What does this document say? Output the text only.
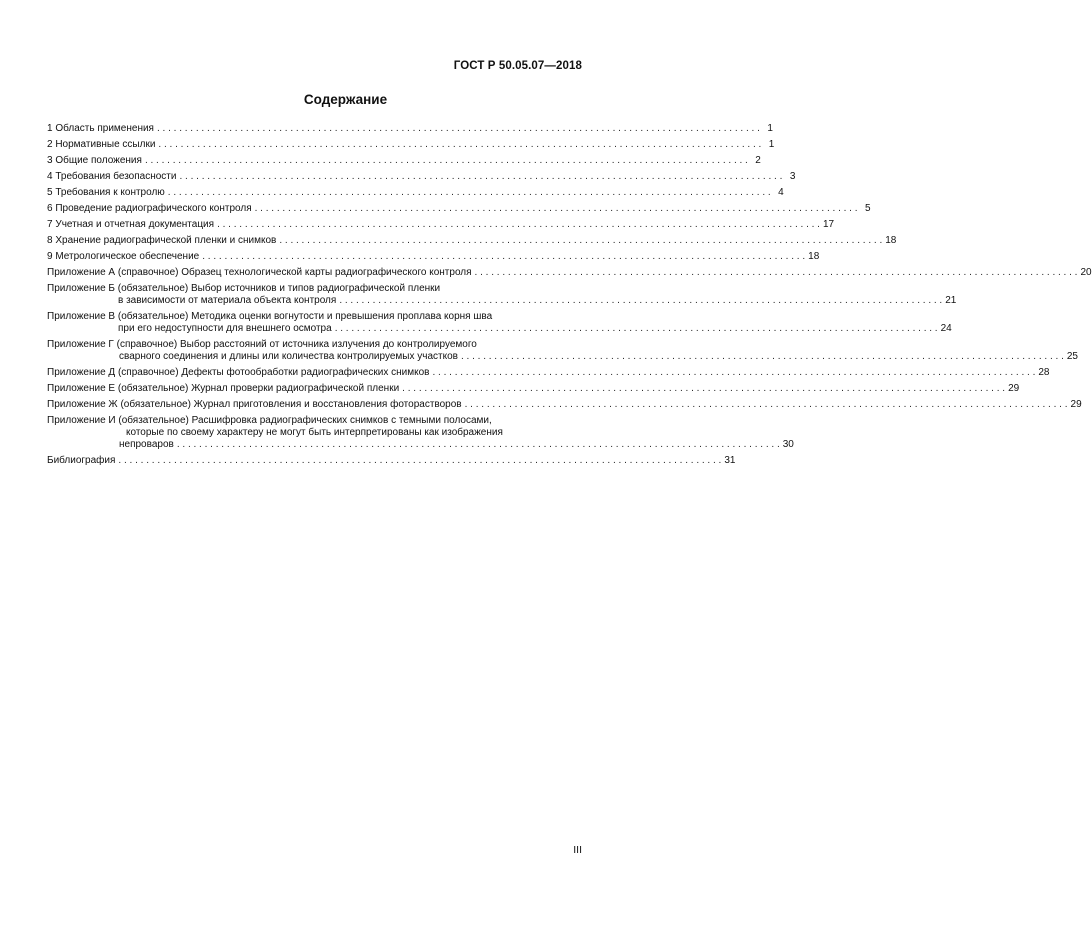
ГОСТ Р 50.05.07—2018
Содержание
1 Область применения . . .	1
2 Нормативные ссылки . . .	1
3 Общие положения . . .	2
4 Требования безопасности . . .	3
5 Требования к контролю . . .	4
6 Проведение радиографического контроля . . .	5
7 Учетная и отчетная документация . . .	17
8 Хранение радиографической пленки и снимков . . .	18
9 Метрологическое обеспечение . . .	18
Приложение А (справочное) Образец технологической карты радиографического контроля . . .	20
Приложение Б (обязательное) Выбор источников и типов радиографической пленки
в зависимости от материала объекта контроля . . .	21
Приложение В (обязательное) Методика оценки вогнутости и превышения проплава корня шва
при его недоступности для внешнего осмотра . . .	24
Приложение Г (справочное) Выбор расстояний от источника излучения до контролируемого
сварного соединения и длины или количества контролируемых участков . . .	25
Приложение Д (справочное) Дефекты фотообработки радиографических снимков . . .	28
Приложение Е (обязательное) Журнал проверки радиографической пленки . . .	29
Приложение Ж (обязательное) Журнал приготовления и восстановления фоторастворов . . .	29
Приложение И (обязательное) Расшифровка радиографических снимков с темными полосами,
которые по своему характеру не могут быть интерпретированы как изображения
непроваров . . .	30
Библиография . . .	31
III
